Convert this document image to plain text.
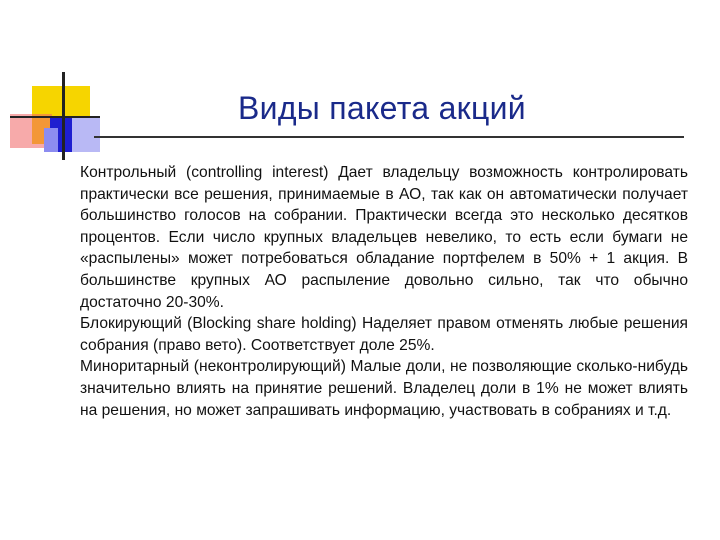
Виды пакета акций

Контрольный (controlling interest) Дает владельцу возможность контролировать практически все решения, принимаемые в АО, так как он автоматически получает большинство голосов на собрании. Практически всегда это несколько десятков процентов. Если число крупных владельцев невелико, то есть если бумаги не «распылены» может потребоваться обладание портфелем в 50% + 1 акция. В большинстве крупных АО распыление довольно сильно, так что обычно достаточно 20-30%.

Блокирующий (Blocking share holding) Наделяет правом отменять любые решения собрания (право вето). Соответствует доле 25%.

Миноритарный (неконтролирующий) Малые доли, не позволяющие сколько-нибудь значительно влиять на принятие решений. Владелец доли в 1% не может влиять на решения, но может запрашивать информацию, участвовать в собраниях и т.д.
